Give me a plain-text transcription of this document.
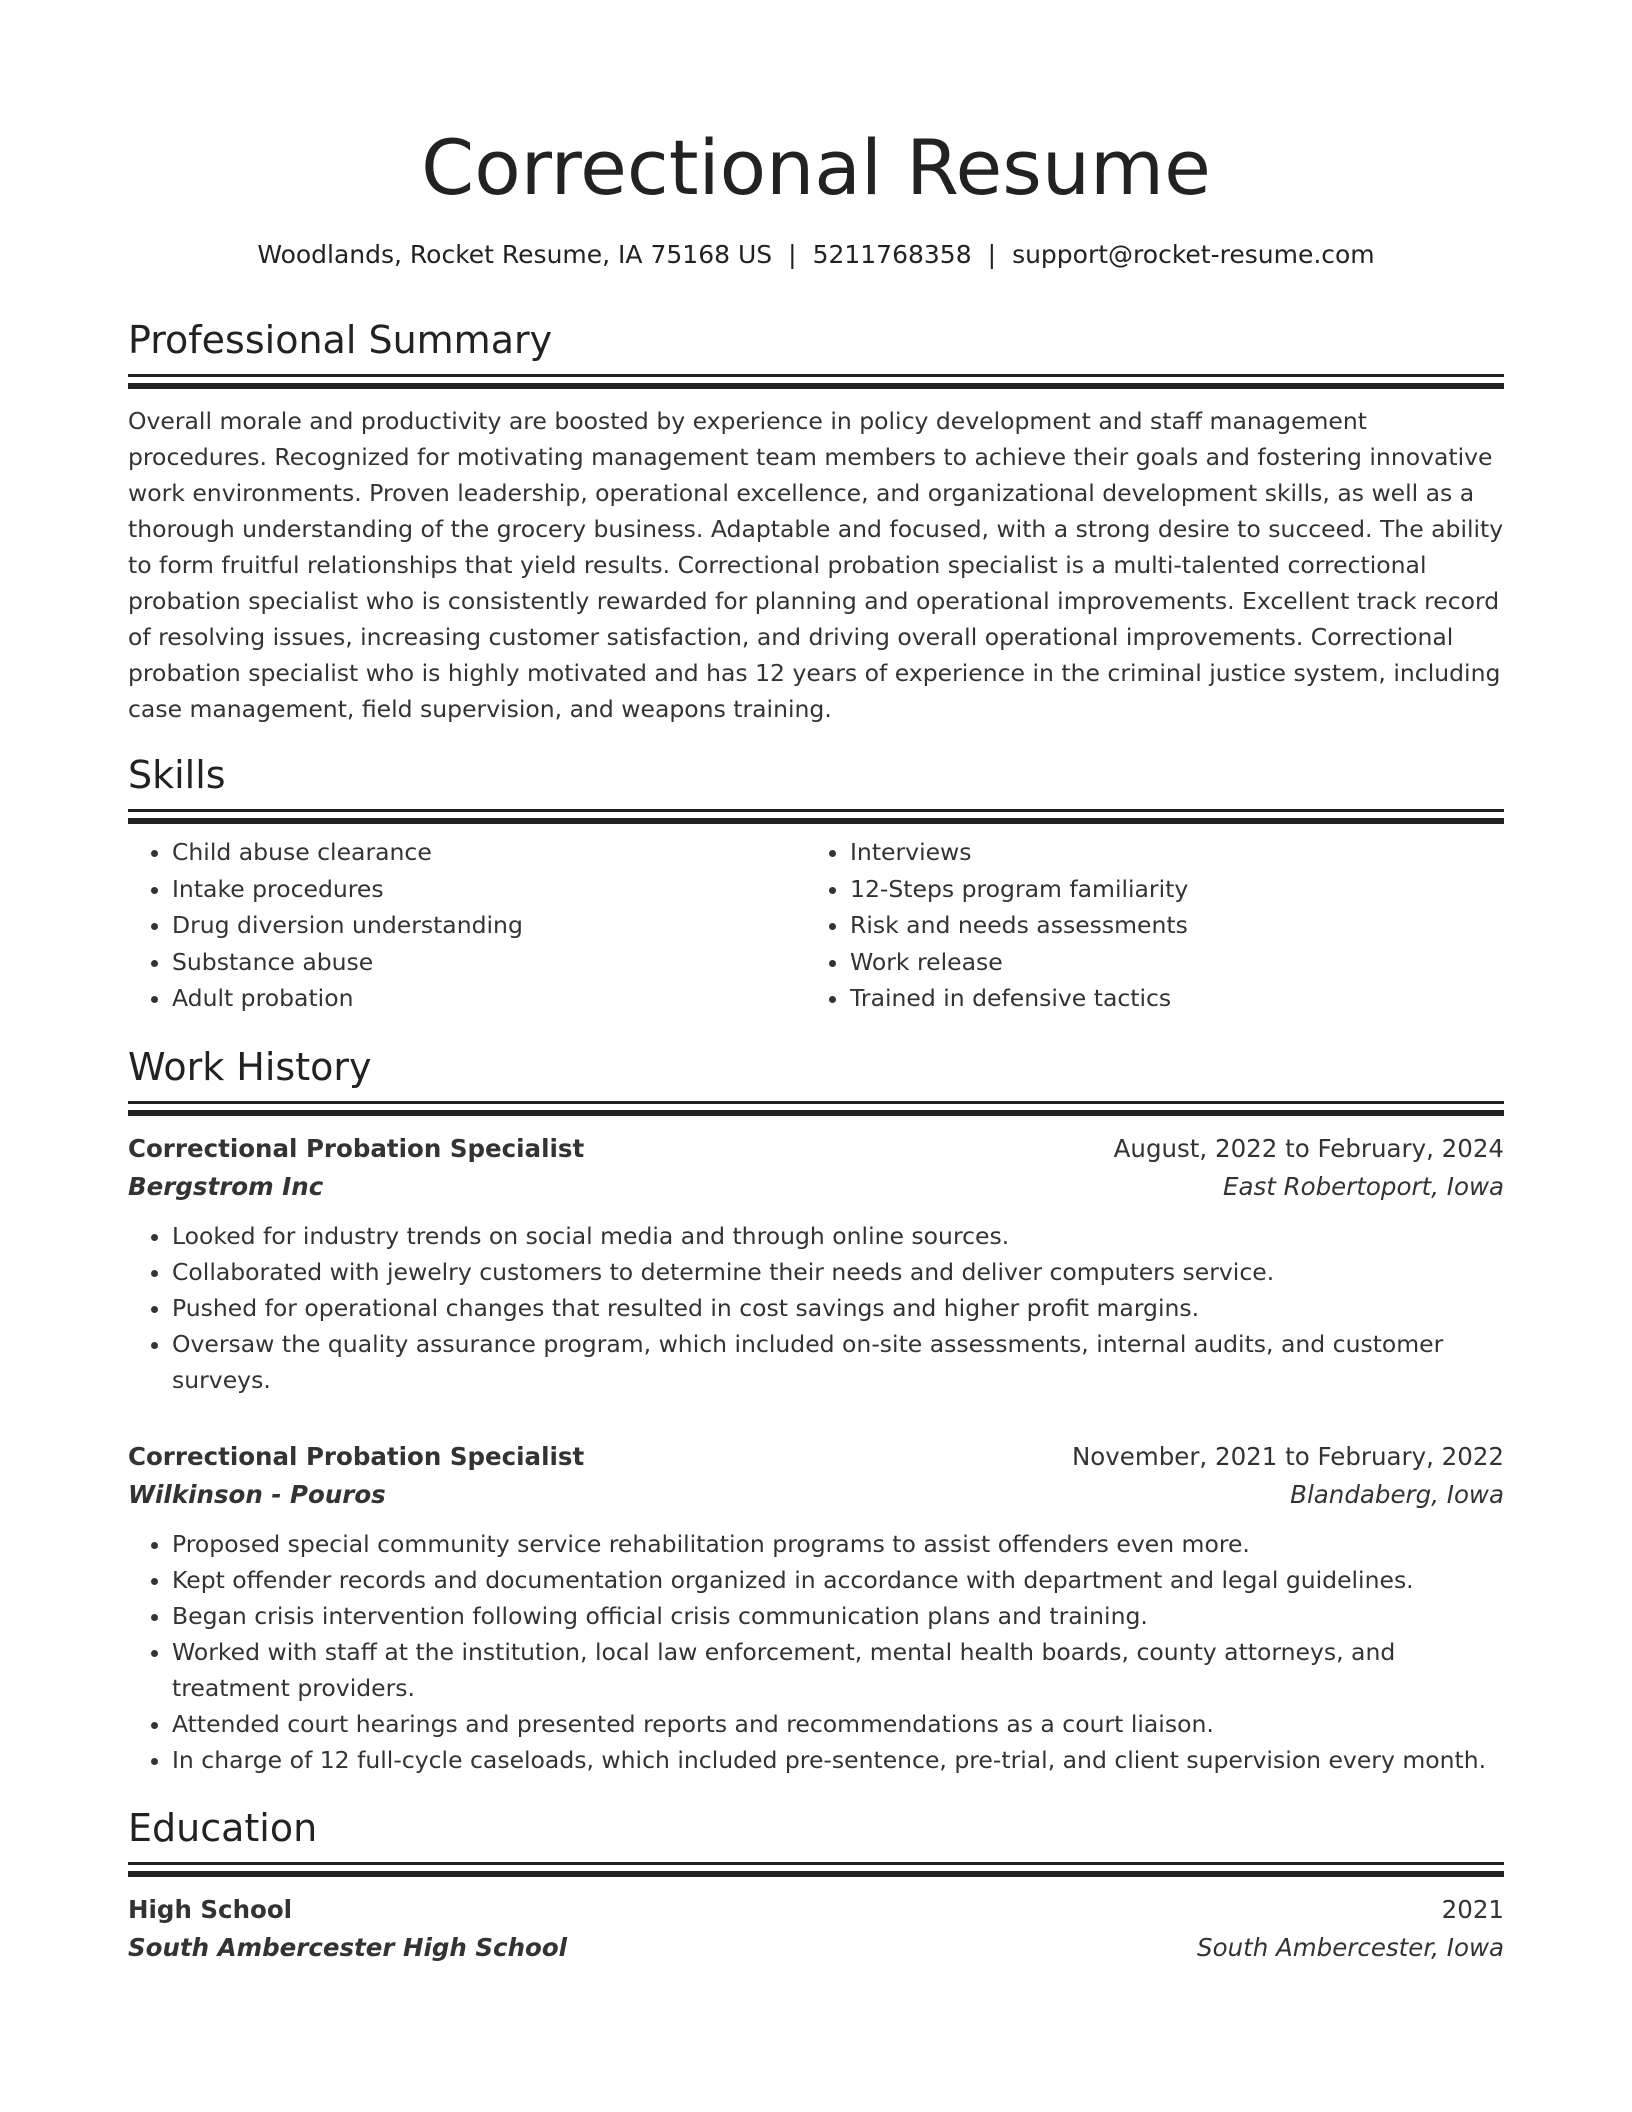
Correctional Resume
Woodlands, Rocket Resume, IA 75168 US | 5211768358 | support@rocket-resume.com
Professional Summary
Overall morale and productivity are boosted by experience in policy development and staff management procedures. Recognized for motivating management team members to achieve their goals and fostering innovative work environments. Proven leadership, operational excellence, and organizational development skills, as well as a thorough understanding of the grocery business. Adaptable and focused, with a strong desire to succeed. The ability to form fruitful relationships that yield results. Correctional probation specialist is a multi-talented correctional probation specialist who is consistently rewarded for planning and operational improvements. Excellent track record of resolving issues, increasing customer satisfaction, and driving overall operational improvements. Correctional probation specialist who is highly motivated and has 12 years of experience in the criminal justice system, including case management, field supervision, and weapons training.
Skills
• Child abuse clearance
• Intake procedures
• Drug diversion understanding
• Substance abuse
• Adult probation
• Interviews
• 12-Steps program familiarity
• Risk and needs assessments
• Work release
• Trained in defensive tactics
Work History
Correctional Probation Specialist	August, 2022 to February, 2024
Bergstrom Inc	East Robertoport, Iowa
• Looked for industry trends on social media and through online sources.
• Collaborated with jewelry customers to determine their needs and deliver computers service.
• Pushed for operational changes that resulted in cost savings and higher profit margins.
• Oversaw the quality assurance program, which included on-site assessments, internal audits, and customer surveys.
Correctional Probation Specialist	November, 2021 to February, 2022
Wilkinson - Pouros	Blandaberg, Iowa
• Proposed special community service rehabilitation programs to assist offenders even more.
• Kept offender records and documentation organized in accordance with department and legal guidelines.
• Began crisis intervention following official crisis communication plans and training.
• Worked with staff at the institution, local law enforcement, mental health boards, county attorneys, and treatment providers.
• Attended court hearings and presented reports and recommendations as a court liaison.
• In charge of 12 full-cycle caseloads, which included pre-sentence, pre-trial, and client supervision every month.
Education
High School	2021
South Ambercester High School	South Ambercester, Iowa
